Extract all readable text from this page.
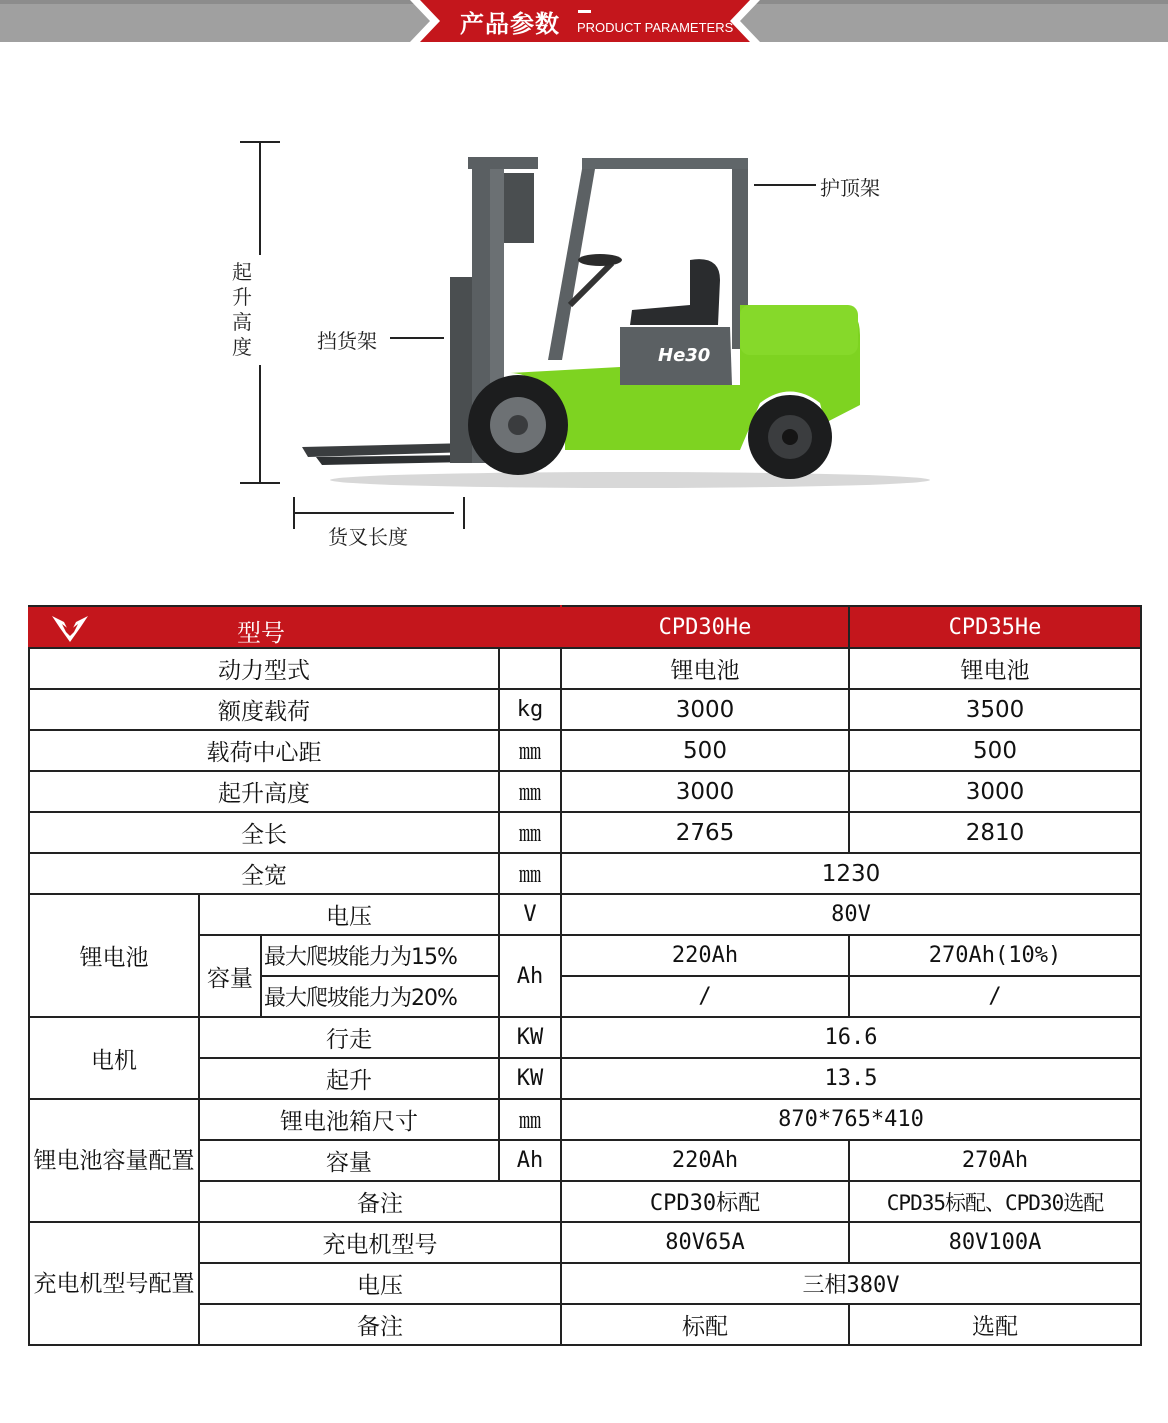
产品参数 PRODUCT PARAMETERS
He30
起升高度	挡货架
护顶架
货叉长度
型号				CPD30He	CPD35He
动力型式				锂电池	锂电池
额度载荷			kg	3000	3500
载荷中心距			㎜	500	500
起升高度			㎜	3000	3000
全长			㎜	2765	2810
全宽			㎜	1230	
锂电池	电压		V	80V	
	容量	最大爬坡能力为15%	Ah	220Ah	270Ah(10%)
		最大爬坡能力为20%		/	/
电机	行走		KW	16.6	
	起升		KW	13.5	
锂电池容量配置	锂电池箱尺寸		㎜	870*765*410	
	容量		Ah	220Ah	270Ah
	备注			CPD30标配	CPD35标配、CPD30选配
充电机型号配置	充电机型号			80V65A	80V100A
	电压			三相380V	
	备注			标配	选配
